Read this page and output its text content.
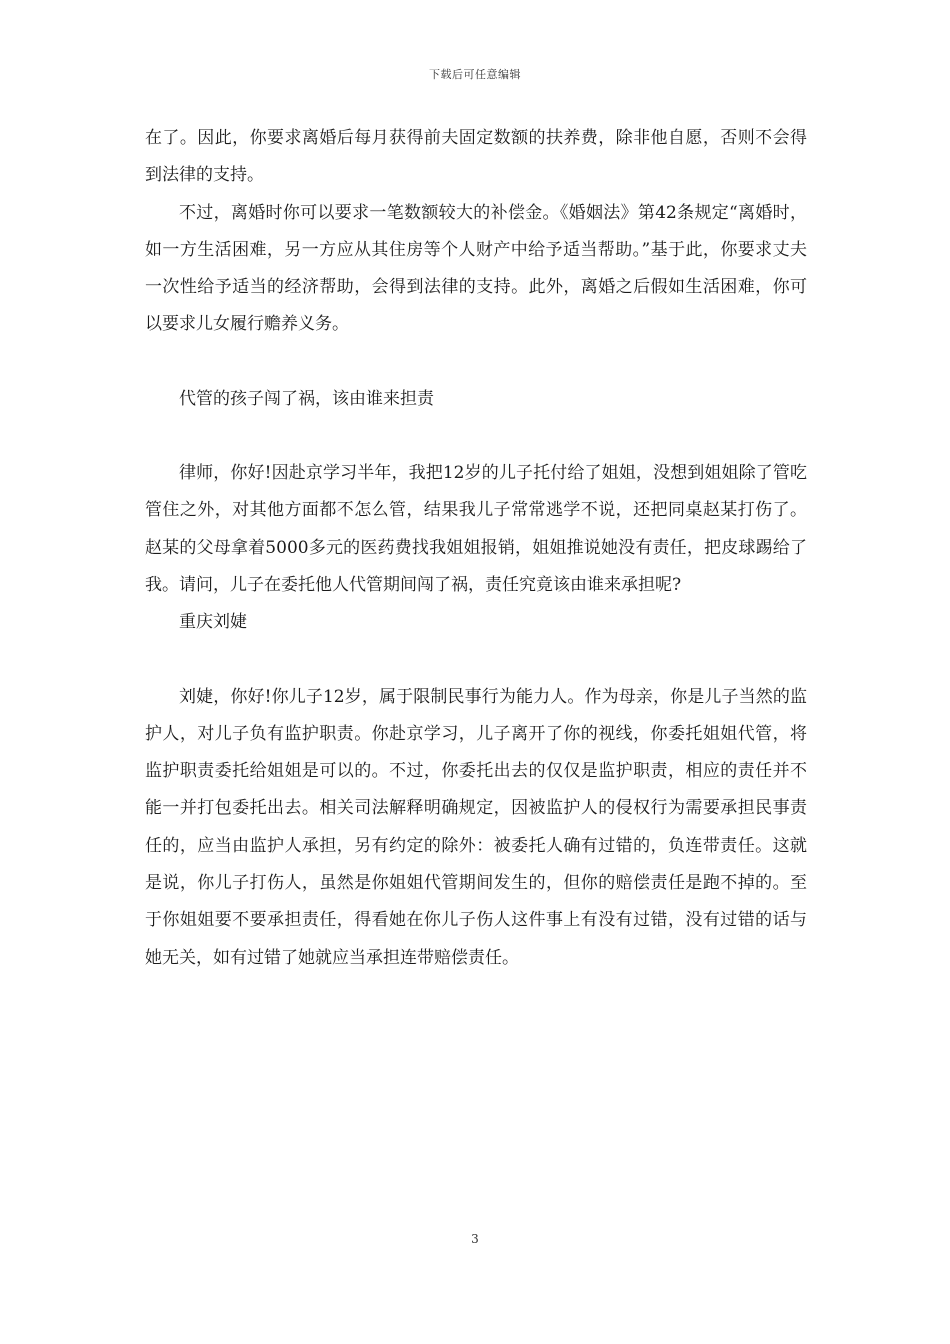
下载后可任意编辑

在了。因此，你要求离婚后每月获得前夫固定数额的扶养费，除非他自愿，否则不会得到法律的支持。

不过，离婚时你可以要求一笔数额较大的补偿金。《婚姻法》第42条规定“离婚时，如一方生活困难，另一方应从其住房等个人财产中给予适当帮助。”基于此，你要求丈夫一次性给予适当的经济帮助，会得到法律的支持。此外，离婚之后假如生活困难，你可以要求儿女履行赡养义务。

代管的孩子闯了祸，该由谁来担责

律师，你好!因赴京学习半年，我把12岁的儿子托付给了姐姐，没想到姐姐除了管吃管住之外，对其他方面都不怎么管，结果我儿子常常逃学不说，还把同桌赵某打伤了。赵某的父母拿着5000多元的医药费找我姐姐报销，姐姐推说她没有责任，把皮球踢给了我。请问，儿子在委托他人代管期间闯了祸，责任究竟该由谁来承担呢?

重庆刘婕

刘婕，你好!你儿子12岁，属于限制民事行为能力人。作为母亲，你是儿子当然的监护人，对儿子负有监护职责。你赴京学习，儿子离开了你的视线，你委托姐姐代管，将监护职责委托给姐姐是可以的。不过，你委托出去的仅仅是监护职责，相应的责任并不能一并打包委托出去。相关司法解释明确规定，因被监护人的侵权行为需要承担民事责任的，应当由监护人承担，另有约定的除外：被委托人确有过错的，负连带责任。这就是说，你儿子打伤人，虽然是你姐姐代管期间发生的，但你的赔偿责任是跑不掉的。至于你姐姐要不要承担责任，得看她在你儿子伤人这件事上有没有过错，没有过错的话与她无关，如有过错了她就应当承担连带赔偿责任。

3
